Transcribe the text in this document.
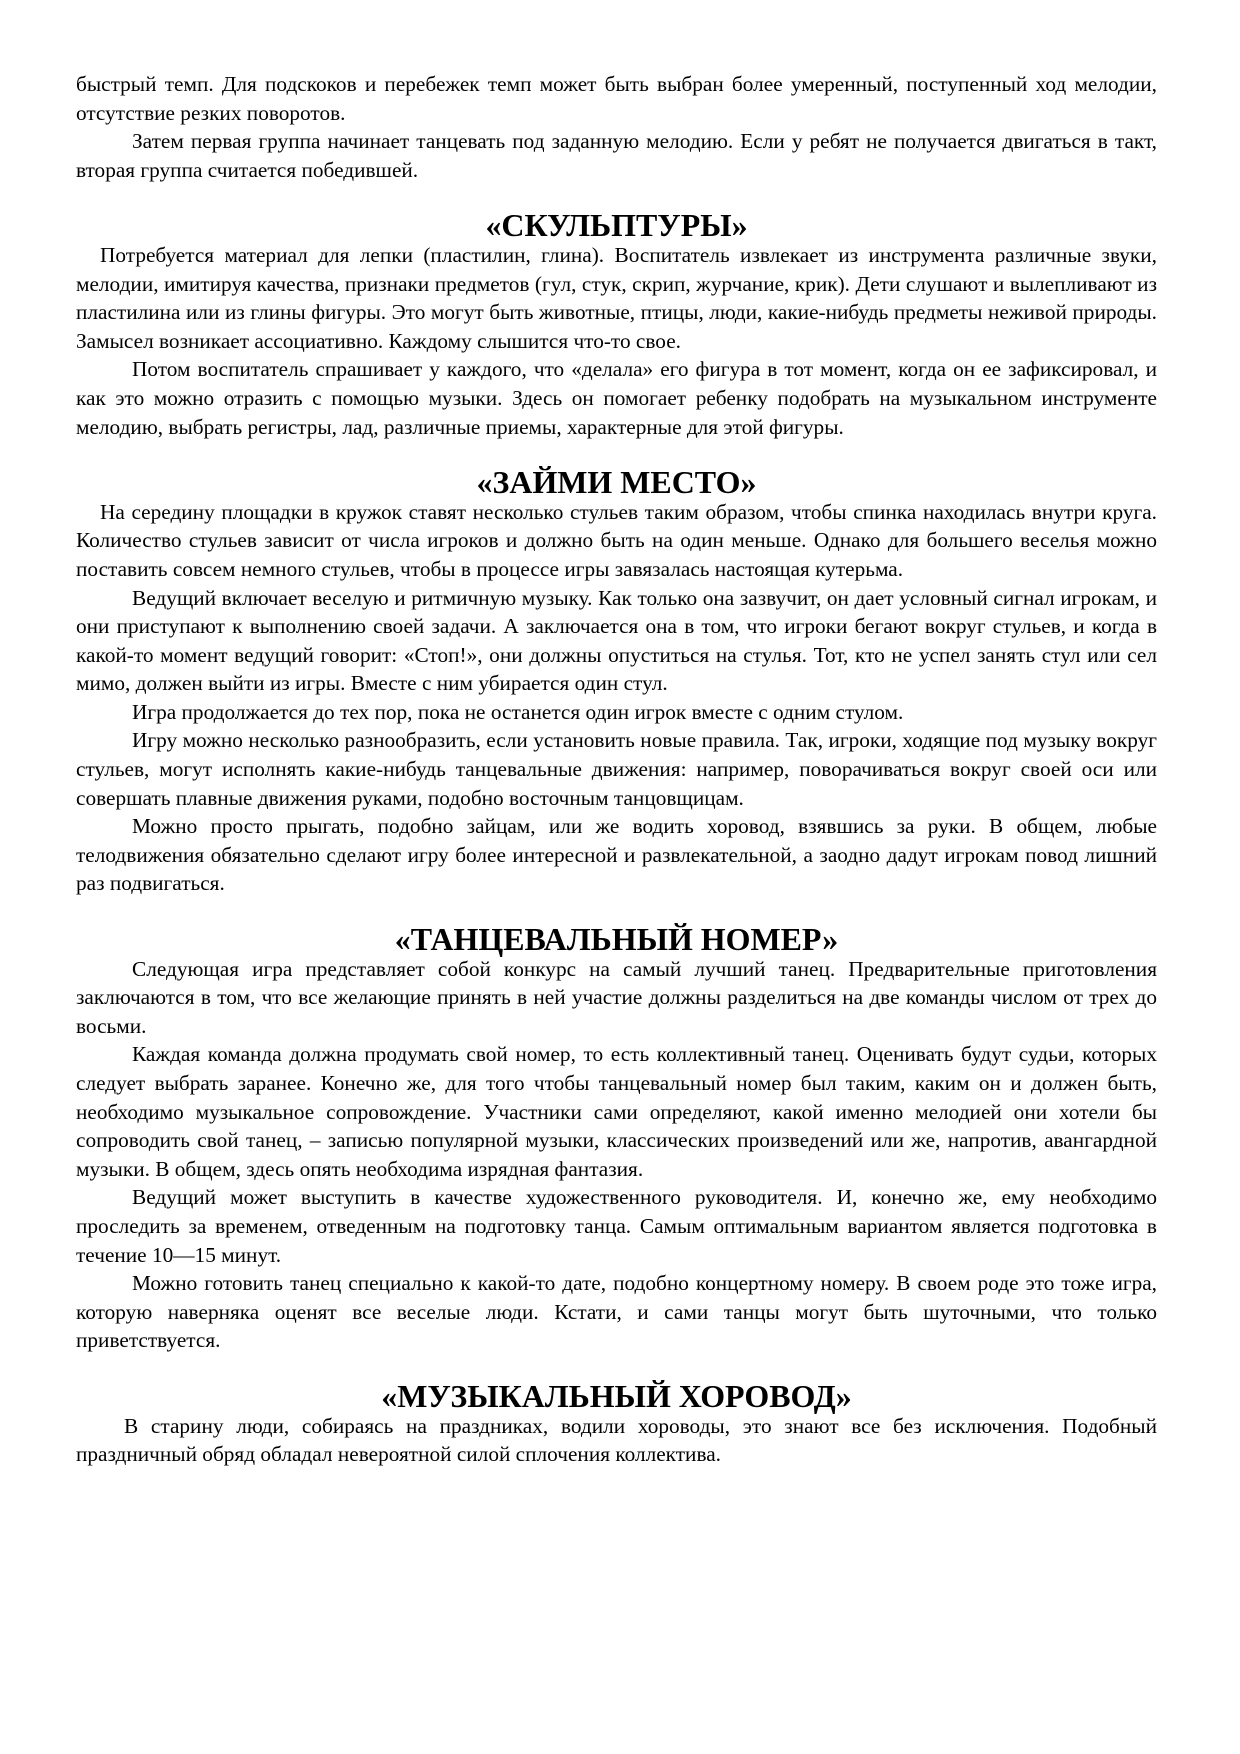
быстрый темп. Для подскоков и перебежек темп может быть выбран более умеренный, поступенный ход мелодии, отсутствие резких поворотов.

Затем первая группа начинает танцевать под заданную мелодию. Если у ребят не получается двигаться в такт, вторая группа считается победившей.

«СКУЛЬПТУРЫ»

Потребуется материал для лепки (пластилин, глина). Воспитатель извлекает из инструмента различные звуки, мелодии, имитируя качества, признаки предметов (гул, стук, скрип, журчание, крик). Дети слушают и вылепливают из пластилина или из глины фигуры. Это могут быть животные, птицы, люди, какие-нибудь предметы неживой природы. Замысел возникает ассоциативно. Каждому слышится что-то свое.

Потом воспитатель спрашивает у каждого, что «делала» его фигура в тот момент, когда он ее зафиксировал, и как это можно отразить с помощью музыки. Здесь он помогает ребенку подобрать на музыкальном инструменте мелодию, выбрать регистры, лад, различные приемы, характерные для этой фигуры.

«ЗАЙМИ МЕСТО»

На середину площадки в кружок ставят несколько стульев таким образом, чтобы спинка находилась внутри круга. Количество стульев зависит от числа игроков и должно быть на один меньше. Однако для большего веселья можно поставить совсем немного стульев, чтобы в процессе игры завязалась настоящая кутерьма.

Ведущий включает веселую и ритмичную музыку. Как только она зазвучит, он дает условный сигнал игрокам, и они приступают к выполнению своей задачи. А заключается она в том, что игроки бегают вокруг стульев, и когда в какой-то момент ведущий говорит: «Стоп!», они должны опуститься на стулья. Тот, кто не успел занять стул или сел мимо, должен выйти из игры. Вместе с ним убирается один стул.

Игра продолжается до тех пор, пока не останется один игрок вместе с одним стулом.

Игру можно несколько разнообразить, если установить новые правила. Так, игроки, ходящие под музыку вокруг стульев, могут исполнять какие-нибудь танцевальные движения: например, поворачиваться вокруг своей оси или совершать плавные движения руками, подобно восточным танцовщицам.

Можно просто прыгать, подобно зайцам, или же водить хоровод, взявшись за руки. В общем, любые телодвижения обязательно сделают игру более интересной и развлекательной, а заодно дадут игрокам повод лишний раз подвигаться.

«ТАНЦЕВАЛЬНЫЙ НОМЕР»

Следующая игра представляет собой конкурс на самый лучший танец. Предварительные приготовления заключаются в том, что все желающие принять в ней участие должны разделиться на две команды числом от трех до восьми.

Каждая команда должна продумать свой номер, то есть коллективный танец. Оценивать будут судьи, которых следует выбрать заранее. Конечно же, для того чтобы танцевальный номер был таким, каким он и должен быть, необходимо музыкальное сопровождение. Участники сами определяют, какой именно мелодией они хотели бы сопроводить свой танец, – записью популярной музыки, классических произведений или же, напротив, авангардной музыки. В общем, здесь опять необходима изрядная фантазия.

Ведущий может выступить в качестве художественного руководителя. И, конечно же, ему необходимо проследить за временем, отведенным на подготовку танца. Самым оптимальным вариантом является подготовка в течение 10—15 минут.

Можно готовить танец специально к какой-то дате, подобно концертному номеру. В своем роде это тоже игра, которую наверняка оценят все веселые люди. Кстати, и сами танцы могут быть шуточными, что только приветствуется.

«МУЗЫКАЛЬНЫЙ ХОРОВОД»

В старину люди, собираясь на праздниках, водили хороводы, это знают все без исключения. Подобный праздничный обряд обладал невероятной силой сплочения коллектива.
